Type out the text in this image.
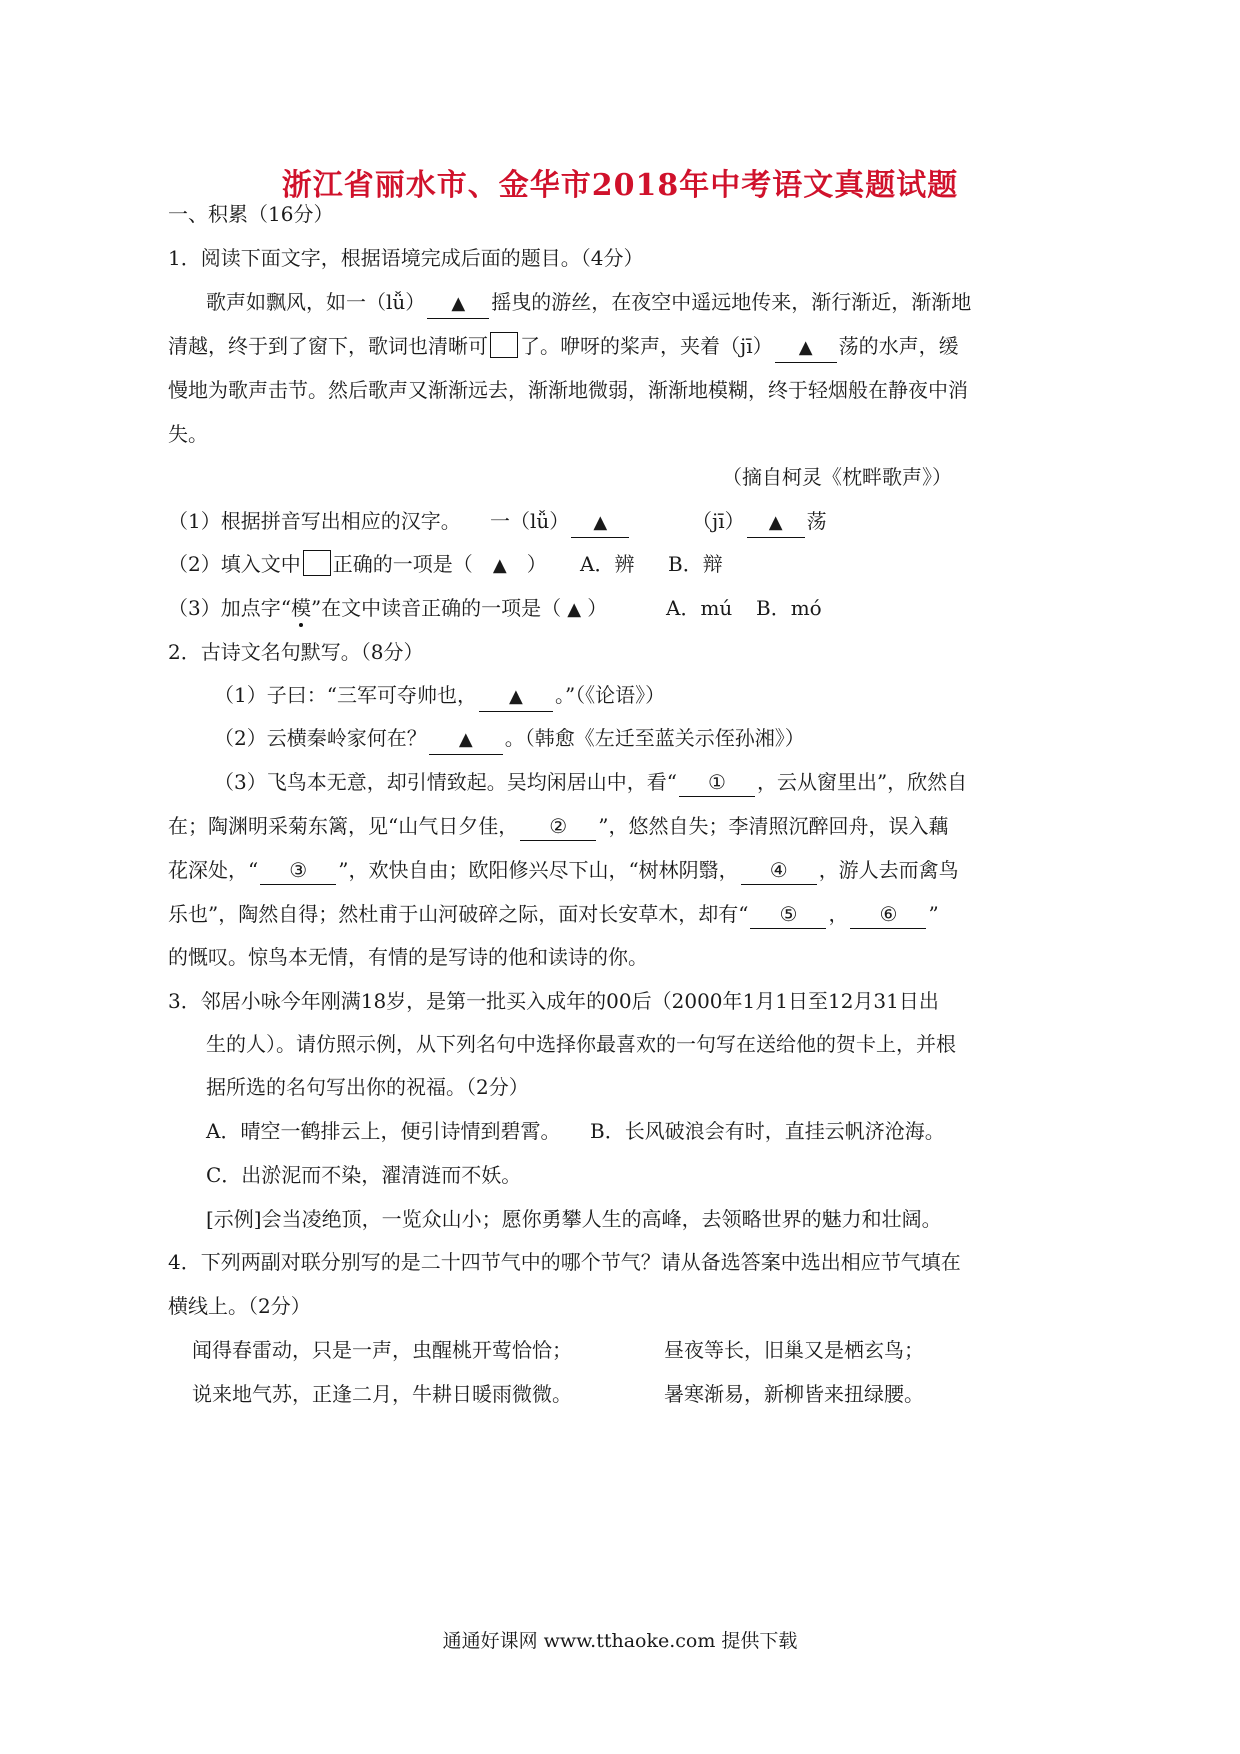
浙江省丽水市、金华市2018年中考语文真题试题
一、积累（16分）
1．阅读下面文字，根据语境完成后面的题目。（4分）
歌声如飘风，如一（lǚ） ▲ 摇曳的游丝，在夜空中遥远地传来，渐行渐近，渐渐地
清越，终于到了窗下，歌词也清晰可 了。咿呀的桨声，夹着（jī） ▲ 荡的水声，缓
慢地为歌声击节。然后歌声又渐渐远去，渐渐地微弱，渐渐地模糊，终于轻烟般在静夜中消
失。
（摘自柯灵《枕畔歌声》）
（1）根据拼音写出相应的汉字。 一（lǚ） ▲	（jī） ▲ 荡
（2）填入文中 正确的一项是（ ▲ ） A．辨 B．辩
（3）加点字“模”在文中读音正确的一项是（ ▲ ）	A．mú B．mó
2．古诗文名句默写。（8分）
（1）子曰：“三军可夺帅也， ▲ 。”（《论语》）
（2）云横秦岭家何在？ ▲ 。（韩愈《左迁至蓝关示侄孙湘》）
（3）飞鸟本无意，却引情致起。吴均闲居山中，看“ ① ，云从窗里出”，欣然自
在；陶渊明采菊东篱，见“山气日夕佳， ② ”，悠然自失；李清照沉醉回舟，误入藕
花深处，“ ③ ”，欢快自由；欧阳修兴尽下山，“树林阴翳， ④ ，游人去而禽鸟
乐也”，陶然自得；然杜甫于山河破碎之际，面对长安草木，却有“ ⑤ ， ⑥ ”
的慨叹。惊鸟本无情，有情的是写诗的他和读诗的你。
3．邻居小咏今年刚满18岁，是第一批买入成年的00后（2000年1月1日至12月31日出
生的人）。请仿照示例，从下列名句中选择你最喜欢的一句写在送给他的贺卡上，并根
据所选的名句写出你的祝福。（2分）
A．晴空一鹤排云上，便引诗情到碧霄。 B．长风破浪会有时，直挂云帆济沧海。
C．出淤泥而不染，濯清涟而不妖。
[示例]会当凌绝顶，一览众山小；愿你勇攀人生的高峰，去领略世界的魅力和壮阔。
4．下列两副对联分别写的是二十四节气中的哪个节气？请从备选答案中选出相应节气填在
横线上。（2分）
闻得春雷动，只是一声，虫醒桃开莺恰恰；	昼夜等长，旧巢又是栖玄鸟；
说来地气苏，正逢二月，牛耕日暖雨微微。	暑寒渐易，新柳皆来扭绿腰。
通通好课网 www.tthaoke.com 提供下载
